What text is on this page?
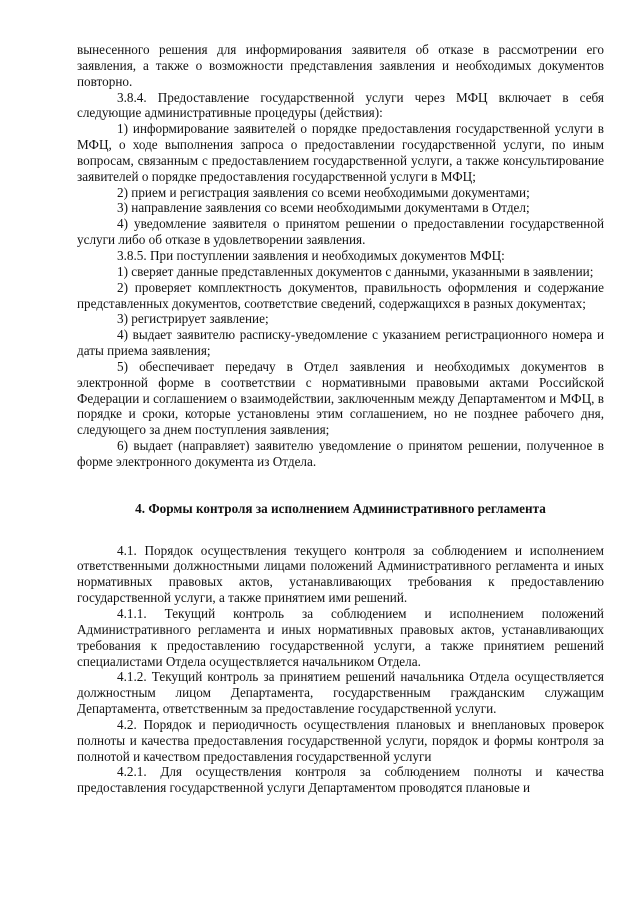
вынесенного решения для информирования заявителя об отказе в рассмотрении его заявления, а также о возможности представления заявления и необходимых документов повторно.

3.8.4. Предоставление государственной услуги через МФЦ включает в себя следующие административные процедуры (действия):

1) информирование заявителей о порядке предоставления государственной услуги в МФЦ, о ходе выполнения запроса о предоставлении государственной услуги, по иным вопросам, связанным с предоставлением государственной услуги, а также консультирование заявителей о порядке предоставления государственной услуги в МФЦ;

2) прием и регистрация заявления со всеми необходимыми документами;

3) направление заявления со всеми необходимыми документами в Отдел;

4) уведомление заявителя о принятом решении о предоставлении государственной услуги либо об отказе в удовлетворении заявления.

3.8.5. При поступлении заявления и необходимых документов МФЦ:

1) сверяет данные представленных документов с данными, указанными в заявлении;

2) проверяет комплектность документов, правильность оформления и содержание представленных документов, соответствие сведений, содержащихся в разных документах;

3) регистрирует заявление;

4) выдает заявителю расписку-уведомление с указанием регистрационного номера и даты приема заявления;

5) обеспечивает передачу в Отдел заявления и необходимых документов в электронной форме в соответствии с нормативными правовыми актами Российской Федерации и соглашением о взаимодействии, заключенным между Департаментом и МФЦ, в порядке и сроки, которые установлены этим соглашением, но не позднее рабочего дня, следующего за днем поступления заявления;

6) выдает (направляет) заявителю уведомление о принятом решении, полученное в форме электронного документа из Отдела.

4. Формы контроля за исполнением Административного регламента

4.1. Порядок осуществления текущего контроля за соблюдением и исполнением ответственными должностными лицами положений Административного регламента и иных нормативных правовых актов, устанавливающих требования к предоставлению государственной услуги, а также принятием ими решений.

4.1.1. Текущий контроль за соблюдением и исполнением положений Административного регламента и иных нормативных правовых актов, устанавливающих требования к предоставлению государственной услуги, а также принятием решений специалистами Отдела осуществляется начальником Отдела.

4.1.2. Текущий контроль за принятием решений начальника Отдела осуществляется должностным лицом Департамента, государственным гражданским служащим Департамента, ответственным за предоставление государственной услуги.

4.2. Порядок и периодичность осуществления плановых и внеплановых проверок полноты и качества предоставления государственной услуги, порядок и формы контроля за полнотой и качеством предоставления государственной услуги

4.2.1. Для осуществления контроля за соблюдением полноты и качества предоставления государственной услуги Департаментом проводятся плановые и
